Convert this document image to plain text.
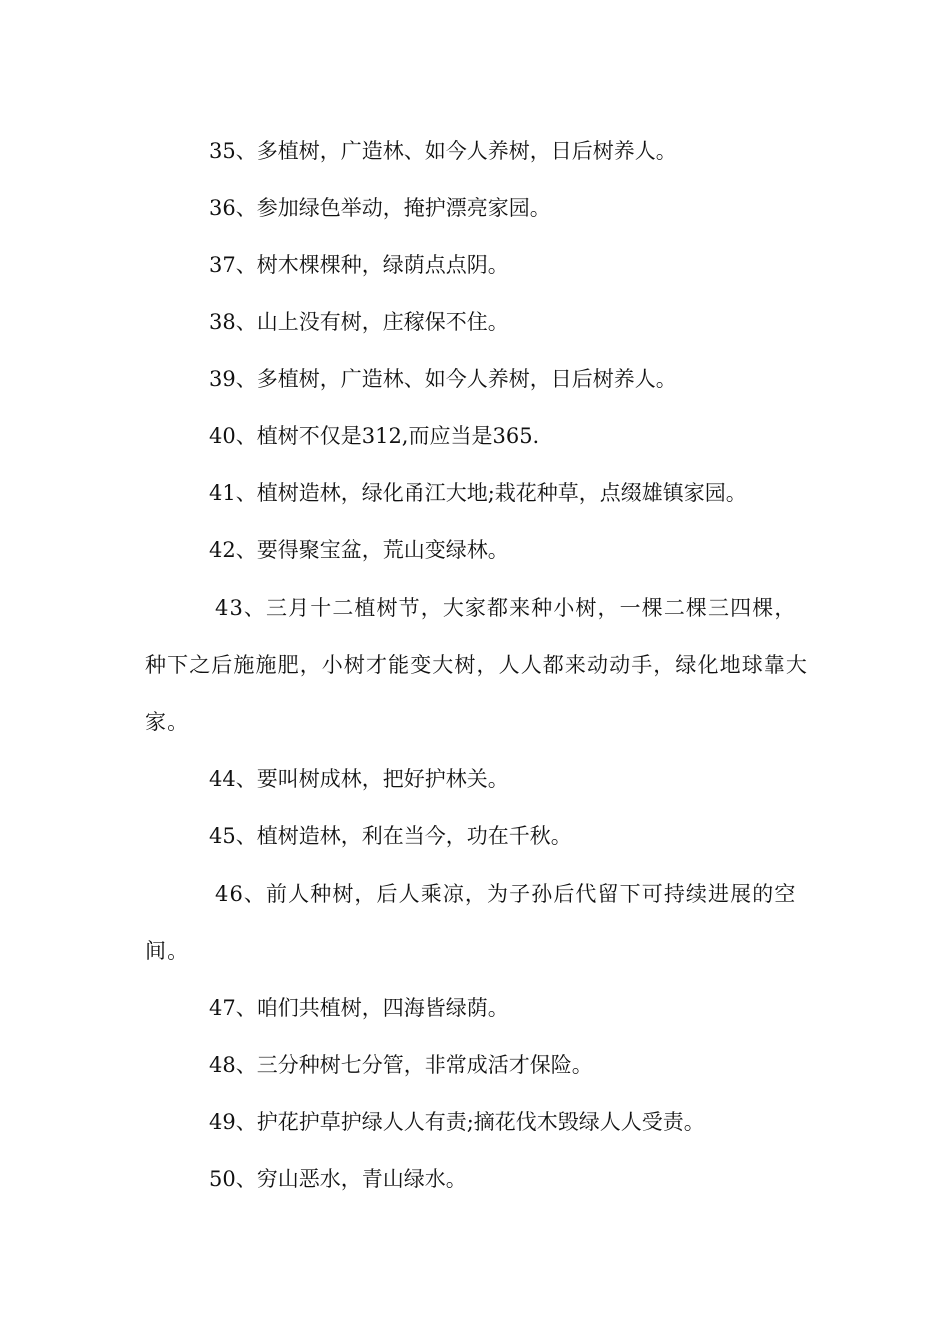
35、多植树，广造林、如今人养树，日后树养人。

36、参加绿色举动，掩护漂亮家园。

37、树木棵棵种，绿荫点点阴。

38、山上没有树，庄稼保不住。

39、多植树，广造林、如今人养树，日后树养人。

40、植树不仅是312,而应当是365.

41、植树造林，绿化甬江大地;栽花种草，点缀雄镇家园。

42、要得聚宝盆，荒山变绿林。

43、三月十二植树节，大家都来种小树，一棵二棵三四棵，种下之后施施肥，小树才能变大树，人人都来动动手，绿化地球靠大家。

44、要叫树成林，把好护林关。

45、植树造林，利在当今，功在千秋。

46、前人种树，后人乘凉，为子孙后代留下可持续进展的空间。

47、咱们共植树，四海皆绿荫。

48、三分种树七分管，非常成活才保险。

49、护花护草护绿人人有责;摘花伐木毁绿人人受责。

50、穷山恶水，青山绿水。
